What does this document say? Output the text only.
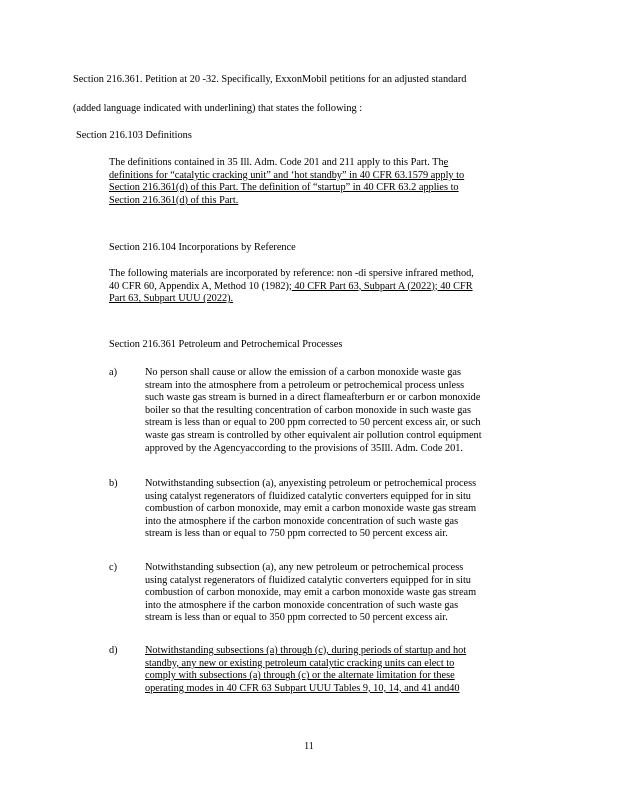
Section 216.361. Petition at 20 -32. Specifically, ExxonMobil petitions for an adjusted standard
(added language indicated with underlining) that states the following :
Section 216.103 Definitions
The definitions contained in 35 Ill. Adm. Code 201 and 211 apply to this Part. The
definitions for “catalytic cracking unit” and ‘hot standby” in 40 CFR 63.1579 apply to
Section 216.361(d) of this Part. The definition of “startup” in 40 CFR 63.2 applies to
Section 216.361(d) of this Part.
Section 216.104 Incorporations by Reference
The following materials are incorporated by reference: non -di spersive infrared method,
40 CFR 60, Appendix A, Method 10 (1982); 40 CFR Part 63, Subpart A (2022); 40 CFR
Part 63, Subpart UUU (2022).
Section 216.361 Petroleum and Petrochemical Processes
a)	No person shall cause or allow the emission of a carbon monoxide waste gas
stream into the atmosphere from a petroleum or petrochemical process unless
such waste gas stream is burned in a direct flameafterburn er or carbon monoxide
boiler so that the resulting concentration of carbon monoxide in such waste gas
stream is less than or equal to 200 ppm corrected to 50 percent excess air, or such
waste gas stream is controlled by other equivalent air pollution control equipment
approved by the Agencyaccording to the provisions of 35Ill. Adm. Code 201.
b)	Notwithstanding subsection (a), anyexisting petroleum or petrochemical process
using catalyst regenerators of fluidized catalytic converters equipped for in situ
combustion of carbon monoxide, may emit a carbon monoxide waste gas stream
into the atmosphere if the carbon monoxide concentration of such waste gas
stream is less than or equal to 750 ppm corrected to 50 percent excess air.
c)	Notwithstanding subsection (a), any new petroleum or petrochemical process
using catalyst regenerators of fluidized catalytic converters equipped for in situ
combustion of carbon monoxide, may emit a carbon monoxide waste gas stream
into the atmosphere if the carbon monoxide concentration of such waste gas
stream is less than or equal to 350 ppm corrected to 50 percent excess air.
d)	Notwithstanding subsections (a) through (c), during periods of startup and hot
standby, any new or existing petroleum catalytic cracking units can elect to
comply with subsections (a) through (c) or the alternate limitation for these
operating modes in 40 CFR 63 Subpart UUU Tables 9, 10, 14, and 41 and40
11
